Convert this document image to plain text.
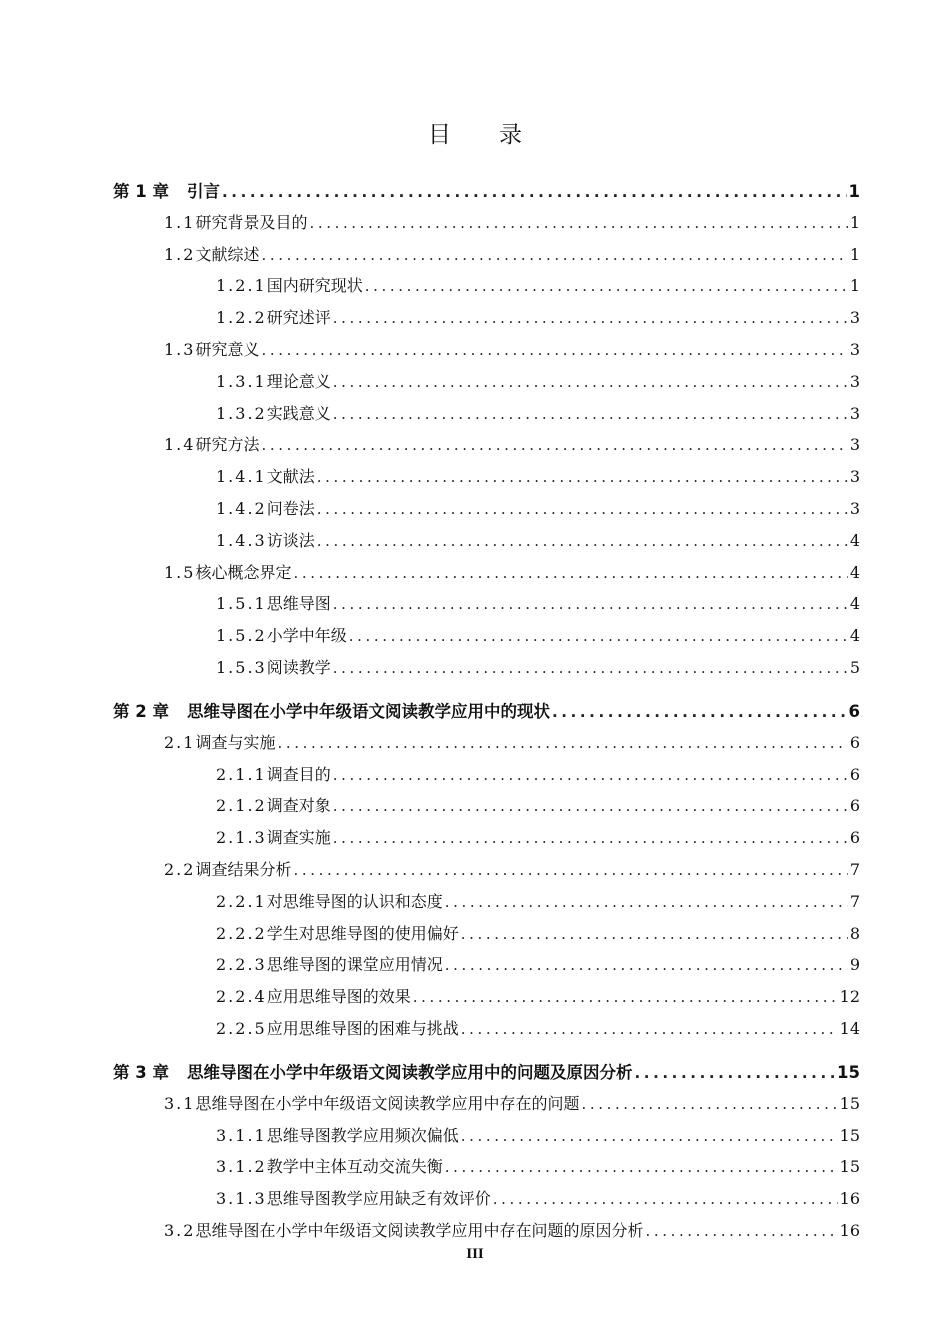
目录
第 1 章 引言 .....	1
1.1 研究背景及目的 .....	1
1.2 文献综述 .....	1
1.2.1 国内研究现状 .....	1
1.2.2 研究述评 .....	3
1.3 研究意义 .....	3
1.3.1 理论意义 .....	3
1.3.2 实践意义 .....	3
1.4 研究方法 .....	3
1.4.1 文献法 .....	3
1.4.2 问卷法 .....	3
1.4.3 访谈法 .....	4
1.5 核心概念界定 .....	4
1.5.1 思维导图 .....	4
1.5.2 小学中年级 .....	4
1.5.3 阅读教学 .....	5
第 2 章 思维导图在小学中年级语文阅读教学应用中的现状 .....	6
2.1 调查与实施 .....	6
2.1.1 调查目的 .....	6
2.1.2 调查对象 .....	6
2.1.3 调查实施 .....	6
2.2 调查结果分析 .....	7
2.2.1 对思维导图的认识和态度 .....	7
2.2.2 学生对思维导图的使用偏好 .....	8
2.2.3 思维导图的课堂应用情况 .....	9
2.2.4 应用思维导图的效果 .....	12
2.2.5 应用思维导图的困难与挑战 .....	14
第 3 章 思维导图在小学中年级语文阅读教学应用中的问题及原因分析 .....	15
3.1 思维导图在小学中年级语文阅读教学应用中存在的问题 .....	15
3.1.1 思维导图教学应用频次偏低 .....	15
3.1.2 教学中主体互动交流失衡 .....	15
3.1.3 思维导图教学应用缺乏有效评价 .....	16
3.2 思维导图在小学中年级语文阅读教学应用中存在问题的原因分析 .....	16
III
